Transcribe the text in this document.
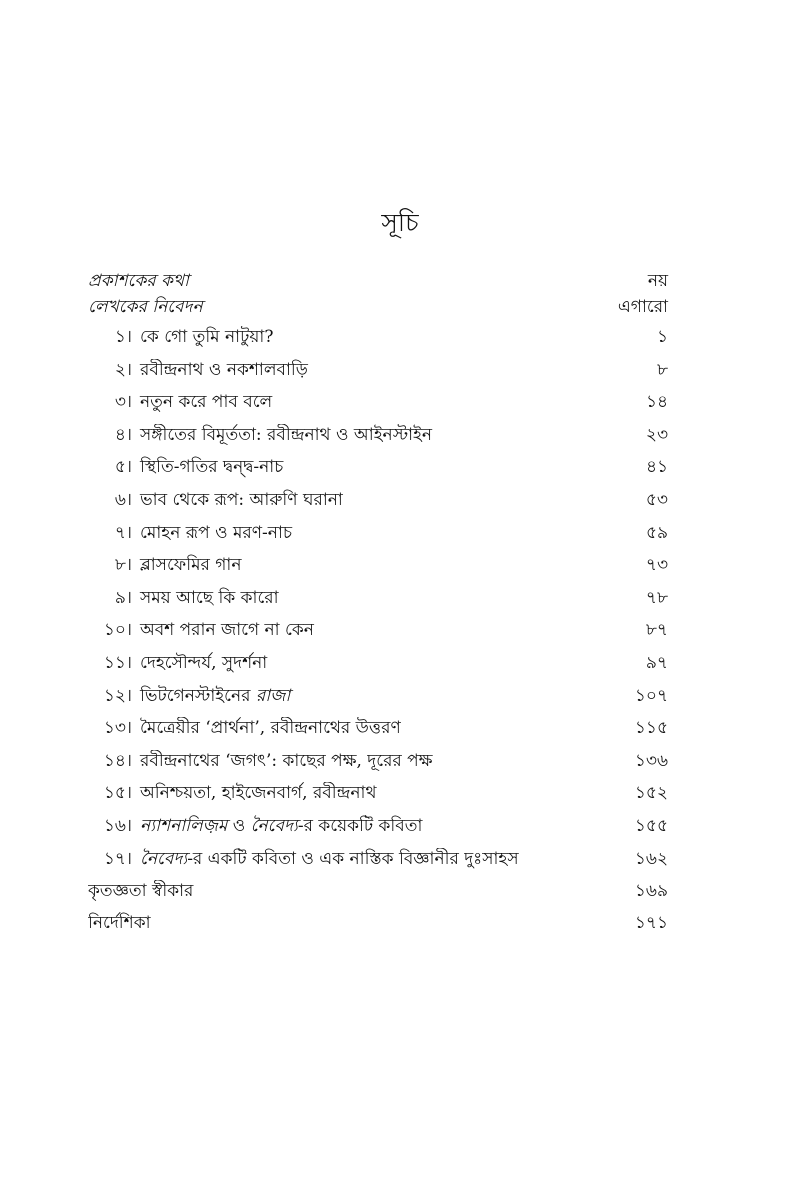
সূচি
প্রকাশকের কথা	নয়
লেখকের নিবেদন	এগারো
১। কে গো তুমি নাটুয়া?	১
২। রবীন্দ্রনাথ ও নকশালবাড়ি	৮
৩। নতুন করে পাব বলে	১৪
৪। সঙ্গীতের বিমূর্ততা: রবীন্দ্রনাথ ও আইনস্টাইন	২৩
৫। স্থিতি-গতির দ্বন্দ্ব-নাচ	৪১
৬। ভাব থেকে রূপ: আরুণি ঘরানা	৫৩
৭। মোহন রূপ ও মরণ-নাচ	৫৯
৮। ব্লাসফেমির গান	৭৩
৯। সময় আছে কি কারো	৭৮
১০। অবশ পরান জাগে না কেন	৮৭
১১। দেহসৌন্দর্য, সুদর্শনা	৯৭
১২। ভিটগেনস্টাইনের রাজা	১০৭
১৩। মৈত্রেয়ীর ‘প্রার্থনা’, রবীন্দ্রনাথের উত্তরণ	১১৫
১৪। রবীন্দ্রনাথের ‘জগৎ’: কাছের পক্ষ, দূরের পক্ষ	১৩৬
১৫। অনিশ্চয়তা, হাইজেনবার্গ, রবীন্দ্রনাথ	১৫২
১৬। ন্যাশনালিজ়ম ও নৈবেদ্য-র কয়েকটি কবিতা	১৫৫
১৭। নৈবেদ্য-র একটি কবিতা ও এক নাস্তিক বিজ্ঞানীর দুঃসাহস	১৬২
কৃতজ্ঞতা স্বীকার	১৬৯
নির্দেশিকা	১৭১
